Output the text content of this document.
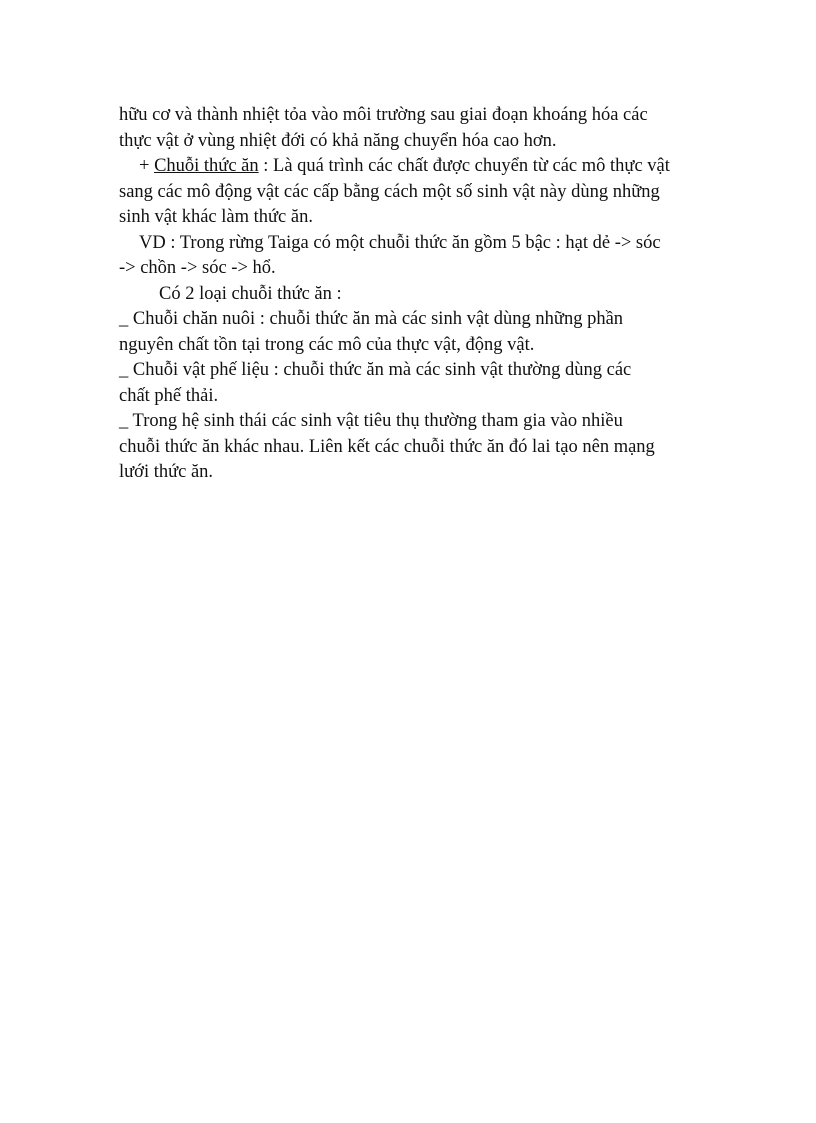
hữu cơ và thành nhiệt tỏa vào môi trường sau giai đoạn khoáng hóa các
thực vật ở vùng nhiệt đới có khả năng chuyển hóa cao hơn.
+ Chuỗi thức ăn : Là quá trình các chất được chuyển từ các mô thực vật
sang các mô động vật các cấp bằng cách một số sinh vật này dùng những
sinh vật khác làm thức ăn.
VD : Trong rừng Taiga có một chuỗi thức ăn gồm 5 bậc : hạt dẻ -> sóc
-> chồn -> sóc -> hổ.
Có 2 loại chuỗi thức ăn :
_ Chuỗi chăn nuôi : chuỗi thức ăn mà các sinh vật dùng những phần
nguyên chất tồn tại trong các mô của thực vật, động vật.
_ Chuỗi vật phế liệu : chuỗi thức ăn mà các sinh vật thường dùng các
chất phế thải.
_ Trong hệ sinh thái các sinh vật tiêu thụ thường tham gia vào nhiều
chuỗi thức ăn khác nhau. Liên kết các chuỗi thức ăn đó lai tạo nên mạng
lưới thức ăn.
